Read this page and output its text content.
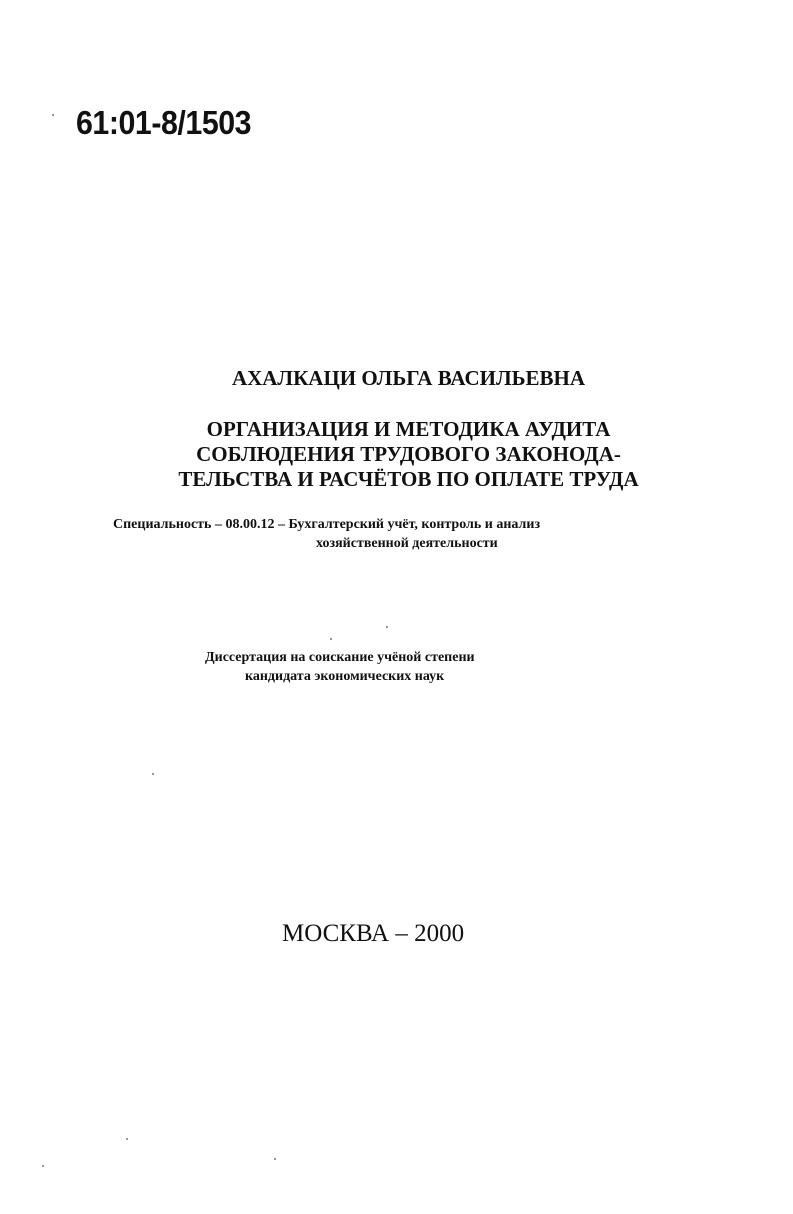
61:01-8/1503
АХАЛКАЦИ ОЛЬГА ВАСИЛЬЕВНА
ОРГАНИЗАЦИЯ И МЕТОДИКА АУДИТА
СОБЛЮДЕНИЯ ТРУДОВОГО ЗАКОНОДА-
ТЕЛЬСТВА И РАСЧЁТОВ ПО ОПЛАТЕ ТРУДА
Специальность – 08.00.12 – Бухгалтерский учёт, контроль и анализ
хозяйственной деятельности
Диссертация на соискание учёной степени
кандидата экономических наук
МОСКВА – 2000
